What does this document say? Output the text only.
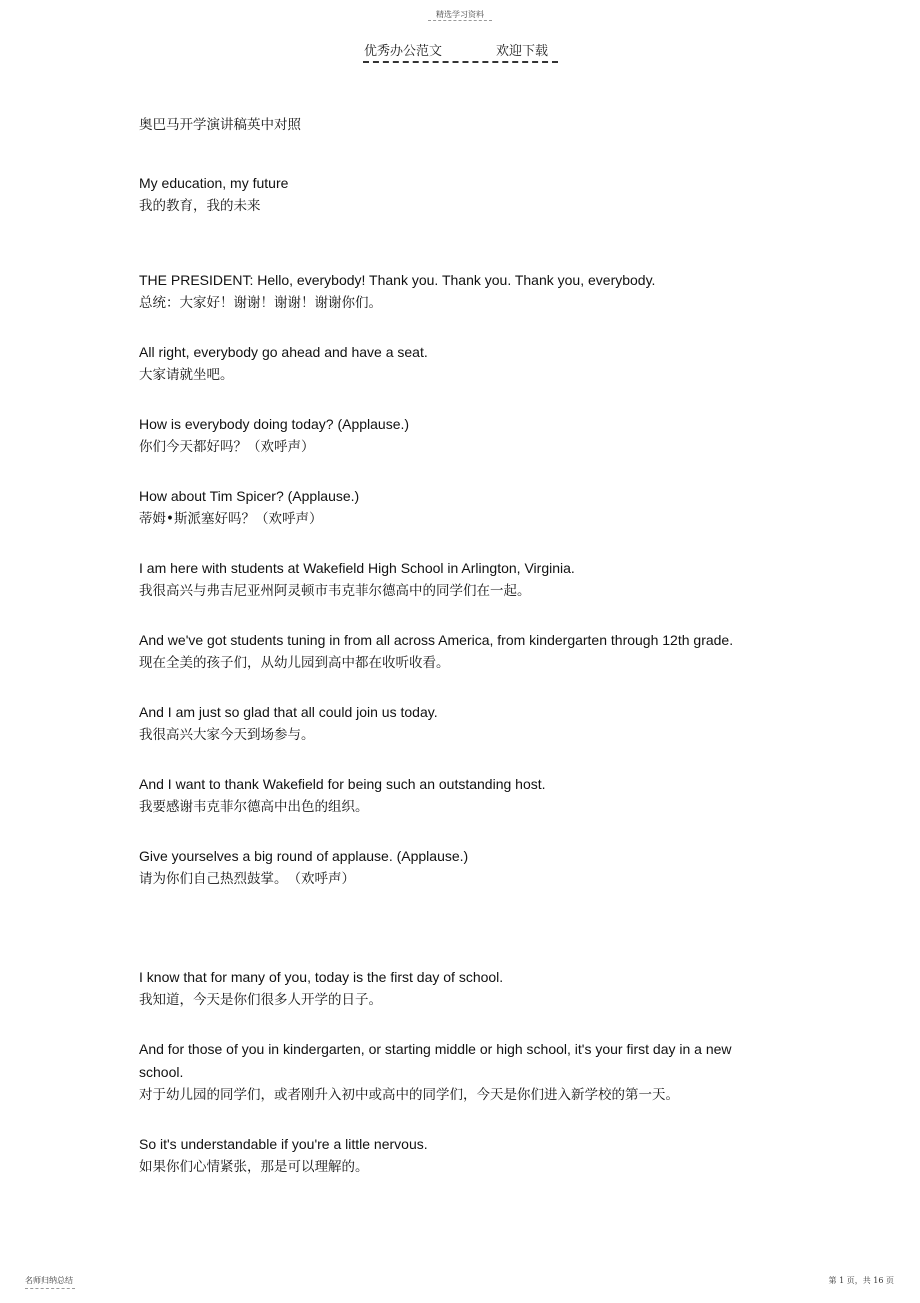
精选学习资料
优秀办公范文	欢迎下载
奥巴马开学演讲稿英中对照
My education, my future
我的教育，我的未来
THE PRESIDENT: Hello, everybody! Thank you. Thank you. Thank you, everybody.
总统：大家好！谢谢！谢谢！谢谢你们。
All right, everybody go ahead and have a seat.
大家请就坐吧。
How is everybody doing today? (Applause.)
你们今天都好吗？（欢呼声）
How about Tim Spicer? (Applause.)
蒂姆•斯派塞好吗？（欢呼声）
I am here with students at Wakefield High School in Arlington, Virginia.
我很高兴与弗吉尼亚州阿灵顿市韦克菲尔德高中的同学们在一起。
And we've got students tuning in from all across America, from kindergarten through 12th grade.
现在全美的孩子们，从幼儿园到高中都在收听收看。
And I am just so glad that all could join us today.
我很高兴大家今天到场参与。
And I want to thank Wakefield for being such an outstanding host.
我要感谢韦克菲尔德高中出色的组织。
Give yourselves a big round of applause. (Applause.)
请为你们自己热烈鼓掌。　（欢呼声）
I know that for many of you, today is the first day of school.
我知道，今天是你们很多人开学的日子。
And for those of you in kindergarten, or starting middle or high school, it's your first day in a new school.
对于幼儿园的同学们，或者刚升入初中或高中的同学们，今天是你们进入新学校的第一天。
So it's understandable if you're a little nervous.
如果你们心情紧张，那是可以理解的。
名师归纳总结	第 1 页，共 16 页
